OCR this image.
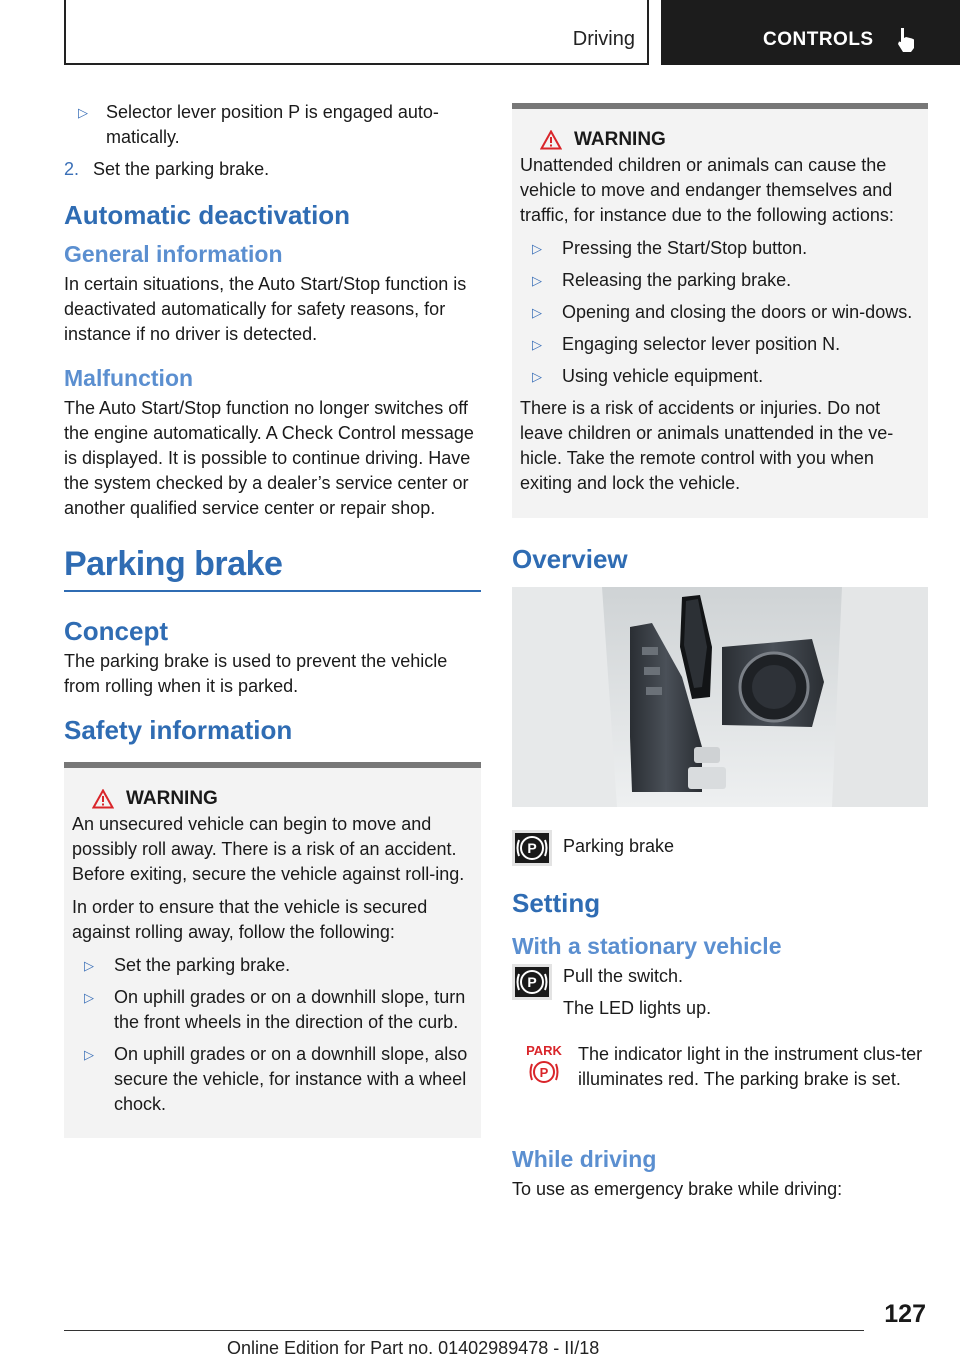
Driving	CONTROLS
▷ Selector lever position P is engaged auto-matically.

2. Set the parking brake.

Automatic deactivation
General information

In certain situations, the Auto Start/Stop function is deactivated automatically for safety reasons, for instance if no driver is detected.

Malfunction

The Auto Start/Stop function no longer switches off the engine automatically. A Check Control message is displayed. It is possible to continue driving. Have the system checked by a dealer’s service center or another qualified service center or repair shop.

Parking brake
Concept

The parking brake is used to prevent the vehicle from rolling when it is parked.

Safety information
WARNING

An unsecured vehicle can begin to move and possibly roll away. There is a risk of an accident. Before exiting, secure the vehicle against roll-ing.

In order to ensure that the vehicle is secured against rolling away, follow the following:

▷ Set the parking brake.
▷ On uphill grades or on a downhill slope, turn the front wheels in the direction of the curb.
▷ On uphill grades or on a downhill slope, also secure the vehicle, for instance with a wheel chock.
WARNING

Unattended children or animals can cause the vehicle to move and endanger themselves and traffic, for instance due to the following actions:

▷ Pressing the Start/Stop button.
▷ Releasing the parking brake.
▷ Opening and closing the doors or win-dows.
▷ Engaging selector lever position N.
▷ Using vehicle equipment.

There is a risk of accidents or injuries. Do not leave children or animals unattended in the ve-hicle. Take the remote control with you when exiting and lock the vehicle.

Overview
P	Parking brake

Setting
With a stationary vehicle
P	Pull the switch.

The LED lights up.

PARK
P

The indicator light in the instrument clus-ter illuminates red. The parking brake is set.

While driving

To use as emergency brake while driving:

127
Online Edition for Part no. 01402989478 - II/18
